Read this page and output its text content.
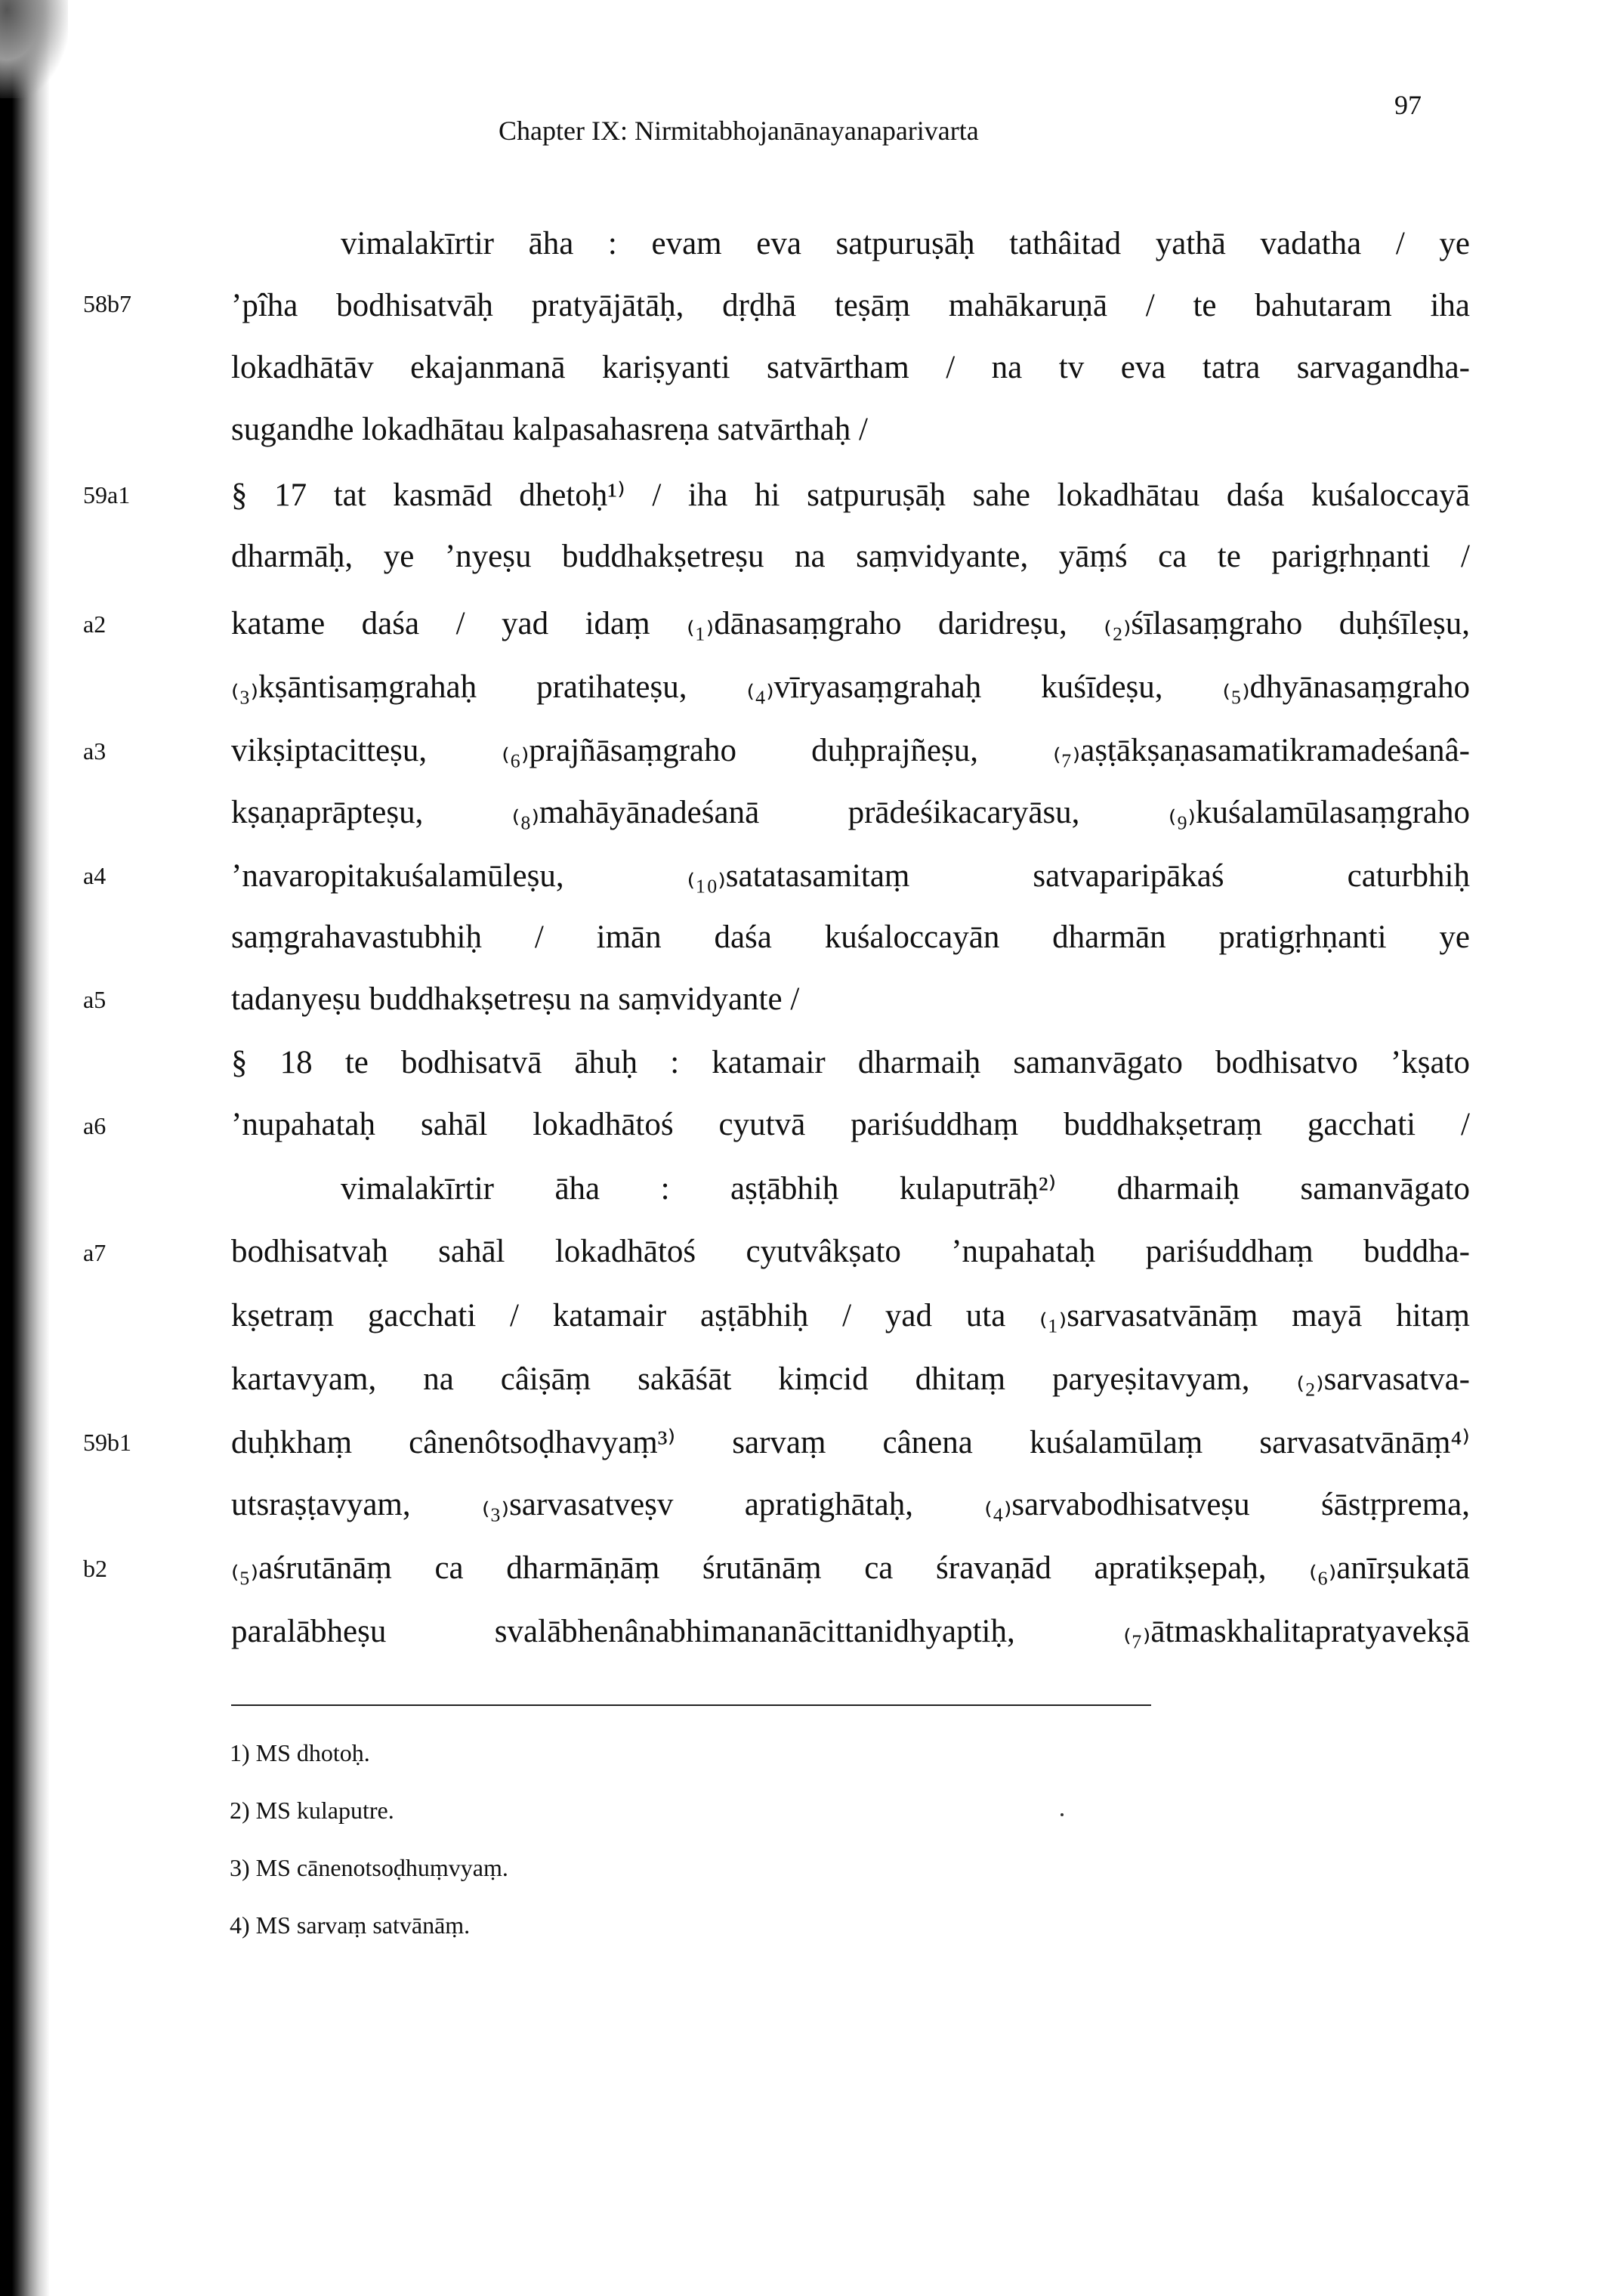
Chapter IX: Nirmitabhojanānayanaparivarta
97
58b7
59a1
a2
a3
a4
a5
a6
a7
59b1
b2
vimalakīrtir āha : evam eva satpuruṣāḥ tathâitad yathā vadatha / ye
’pîha bodhisatvāḥ pratyājātāḥ, dṛḍhā teṣāṃ mahākaruṇā / te bahutaram iha
lokadhātāv ekajanmanā kariṣyanti satvārtham / na tv eva tatra sarvagandha-
sugandhe lokadhātau kalpasahasreṇa satvārthaḥ /
§ 17 tat kasmād dhetoḥ¹⁾ / iha hi satpuruṣāḥ sahe lokadhātau daśa kuśaloccayā
dharmāḥ, ye ’nyeṣu buddhakṣetreṣu na saṃvidyante, yāṃś ca te parigṛhṇanti /
katame daśa / yad idaṃ ₍₁₎dānasaṃgraho daridreṣu, ₍₂₎śīlasaṃgraho duḥśīleṣu,
₍₃₎kṣāntisaṃgrahaḥ pratihateṣu, ₍₄₎vīryasaṃgrahaḥ kuśīdeṣu, ₍₅₎dhyānasaṃgraho
vikṣiptacitteṣu, ₍₆₎prajñāsaṃgraho duḥprajñeṣu, ₍₇₎aṣṭākṣaṇasamatikramadeśanâ-
kṣaṇaprāpteṣu, ₍₈₎mahāyānadeśanā prādeśikacaryāsu, ₍₉₎kuśalamūlasaṃgraho
’navaropitakuśalamūleṣu, ₍₁₀₎satatasamitaṃ satvaparipākaś caturbhiḥ
saṃgrahavastubhiḥ / imān daśa kuśaloccayān dharmān pratigṛhṇanti ye
tadanyeṣu buddhakṣetreṣu na saṃvidyante /
§ 18 te bodhisatvā āhuḥ : katamair dharmaiḥ samanvāgato bodhisatvo ’kṣato
’nupahataḥ sahāl lokadhātoś cyutvā pariśuddhaṃ buddhakṣetraṃ gacchati /
vimalakīrtir āha : aṣṭābhiḥ kulaputrāḥ²⁾ dharmaiḥ samanvāgato
bodhisatvaḥ sahāl lokadhātoś cyutvâkṣato ’nupahataḥ pariśuddhaṃ buddha-
kṣetraṃ gacchati / katamair aṣṭābhiḥ / yad uta ₍₁₎sarvasatvānāṃ mayā hitaṃ
kartavyam, na câiṣāṃ sakāśāt kiṃcid dhitaṃ paryeṣitavyam, ₍₂₎sarvasatva-
duḥkhaṃ cânenôtsoḍhavyaṃ³⁾ sarvaṃ cânena kuśalamūlaṃ sarvasatvānāṃ⁴⁾
utsraṣṭavyam, ₍₃₎sarvasatveṣv apratighātaḥ, ₍₄₎sarvabodhisatveṣu śāstṛprema,
₍₅₎aśrutānāṃ ca dharmāṇāṃ śrutānāṃ ca śravaṇād apratikṣepaḥ, ₍₆₎anīrṣukatā
paralābheṣu svalābhenânabhimananācittanidhyaptiḥ, ₍₇₎ātmaskhalitapratyavekṣā
1) MS dhotoḥ.
2) MS kulaputre.
3) MS cānenotsoḍhuṃvyaṃ.
4) MS sarvaṃ satvānāṃ.
